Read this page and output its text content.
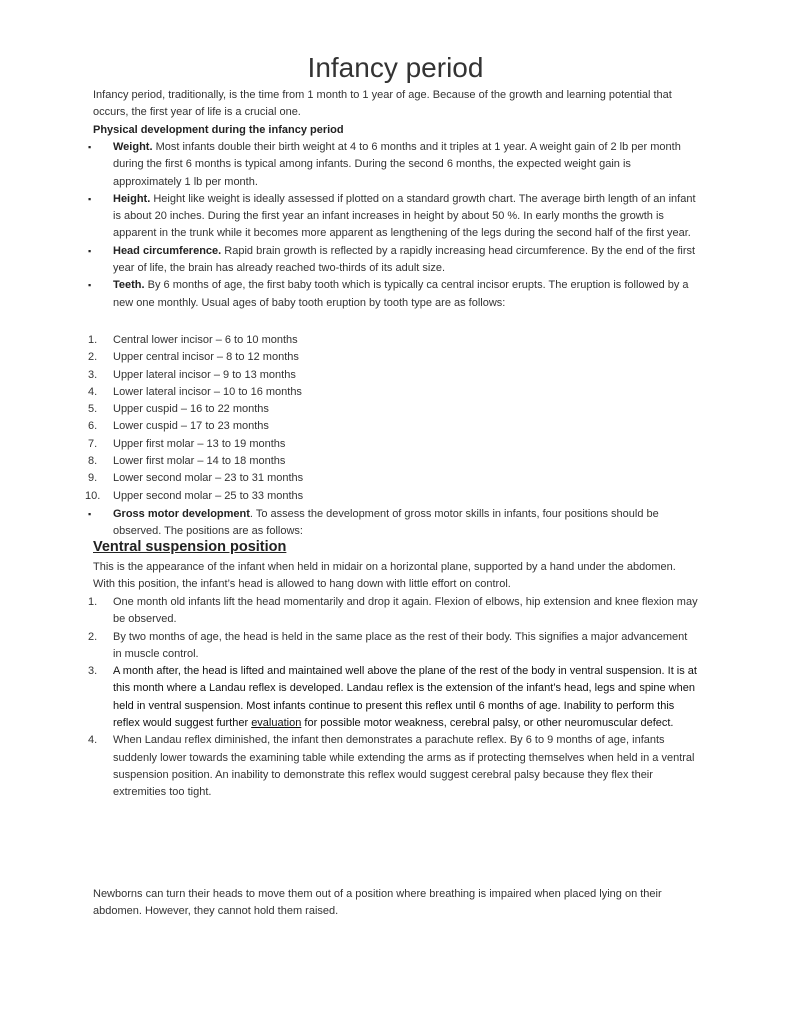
Infancy period

Infancy period, traditionally, is the time from 1 month to 1 year of age. Because of the growth and learning potential that occurs, the first year of life is a crucial one.

Physical development during the infancy period

▪ Weight. Most infants double their birth weight at 4 to 6 months and it triples at 1 year. A weight gain of 2 lb per month during the first 6 months is typical among infants. During the second 6 months, the expected weight gain is approximately 1 lb per month.
▪ Height. Height like weight is ideally assessed if plotted on a standard growth chart. The average birth length of an infant is about 20 inches. During the first year an infant increases in height by about 50 %. In early months the growth is apparent in the trunk while it becomes more apparent as lengthening of the legs during the second half of the first year.
▪ Head circumference. Rapid brain growth is reflected by a rapidly increasing head circumference. By the end of the first year of life, the brain has already reached two-thirds of its adult size.
▪ Teeth. By 6 months of age, the first baby tooth which is typically ca central incisor erupts. The eruption is followed by a new one monthly. Usual ages of baby tooth eruption by tooth type are as follows:
1. Central lower incisor – 6 to 10 months
2. Upper central incisor – 8 to 12 months
3. Upper lateral incisor – 9 to 13 months
4. Lower lateral incisor – 10 to 16 months
5. Upper cuspid – 16 to 22 months
6. Lower cuspid – 17 to 23 months
7. Upper first molar – 13 to 19 months
8. Lower first molar – 14 to 18 months
9. Lower second molar – 23 to 31 months
10. Upper second molar – 25 to 33 months
▪ Gross motor development. To assess the development of gross motor skills in infants, four positions should be observed. The positions are as follows:
Ventral suspension position

This is the appearance of the infant when held in midair on a horizontal plane, supported by a hand under the abdomen. With this position, the infant’s head is allowed to hang down with little effort on control.

1. One month old infants lift the head momentarily and drop it again. Flexion of elbows, hip extension and knee flexion may be observed.
2. By two months of age, the head is held in the same place as the rest of their body. This signifies a major advancement in muscle control.
3. A month after, the head is lifted and maintained well above the plane of the rest of the body in ventral suspension. It is at this month where a Landau reflex is developed. Landau reflex is the extension of the infant’s head, legs and spine when held in ventral suspension. Most infants continue to present this reflex until 6 months of age. Inability to perform this reflex would suggest further evaluation for possible motor weakness, cerebral palsy, or other neuromuscular defect.
4. When Landau reflex diminished, the infant then demonstrates a parachute reflex. By 6 to 9 months of age, infants suddenly lower towards the examining table while extending the arms as if protecting themselves when held in a ventral suspension position. An inability to demonstrate this reflex would suggest cerebral palsy because they flex their extremities too tight.

Newborns can turn their heads to move them out of a position where breathing is impaired when placed lying on their abdomen. However, they cannot hold them raised.
